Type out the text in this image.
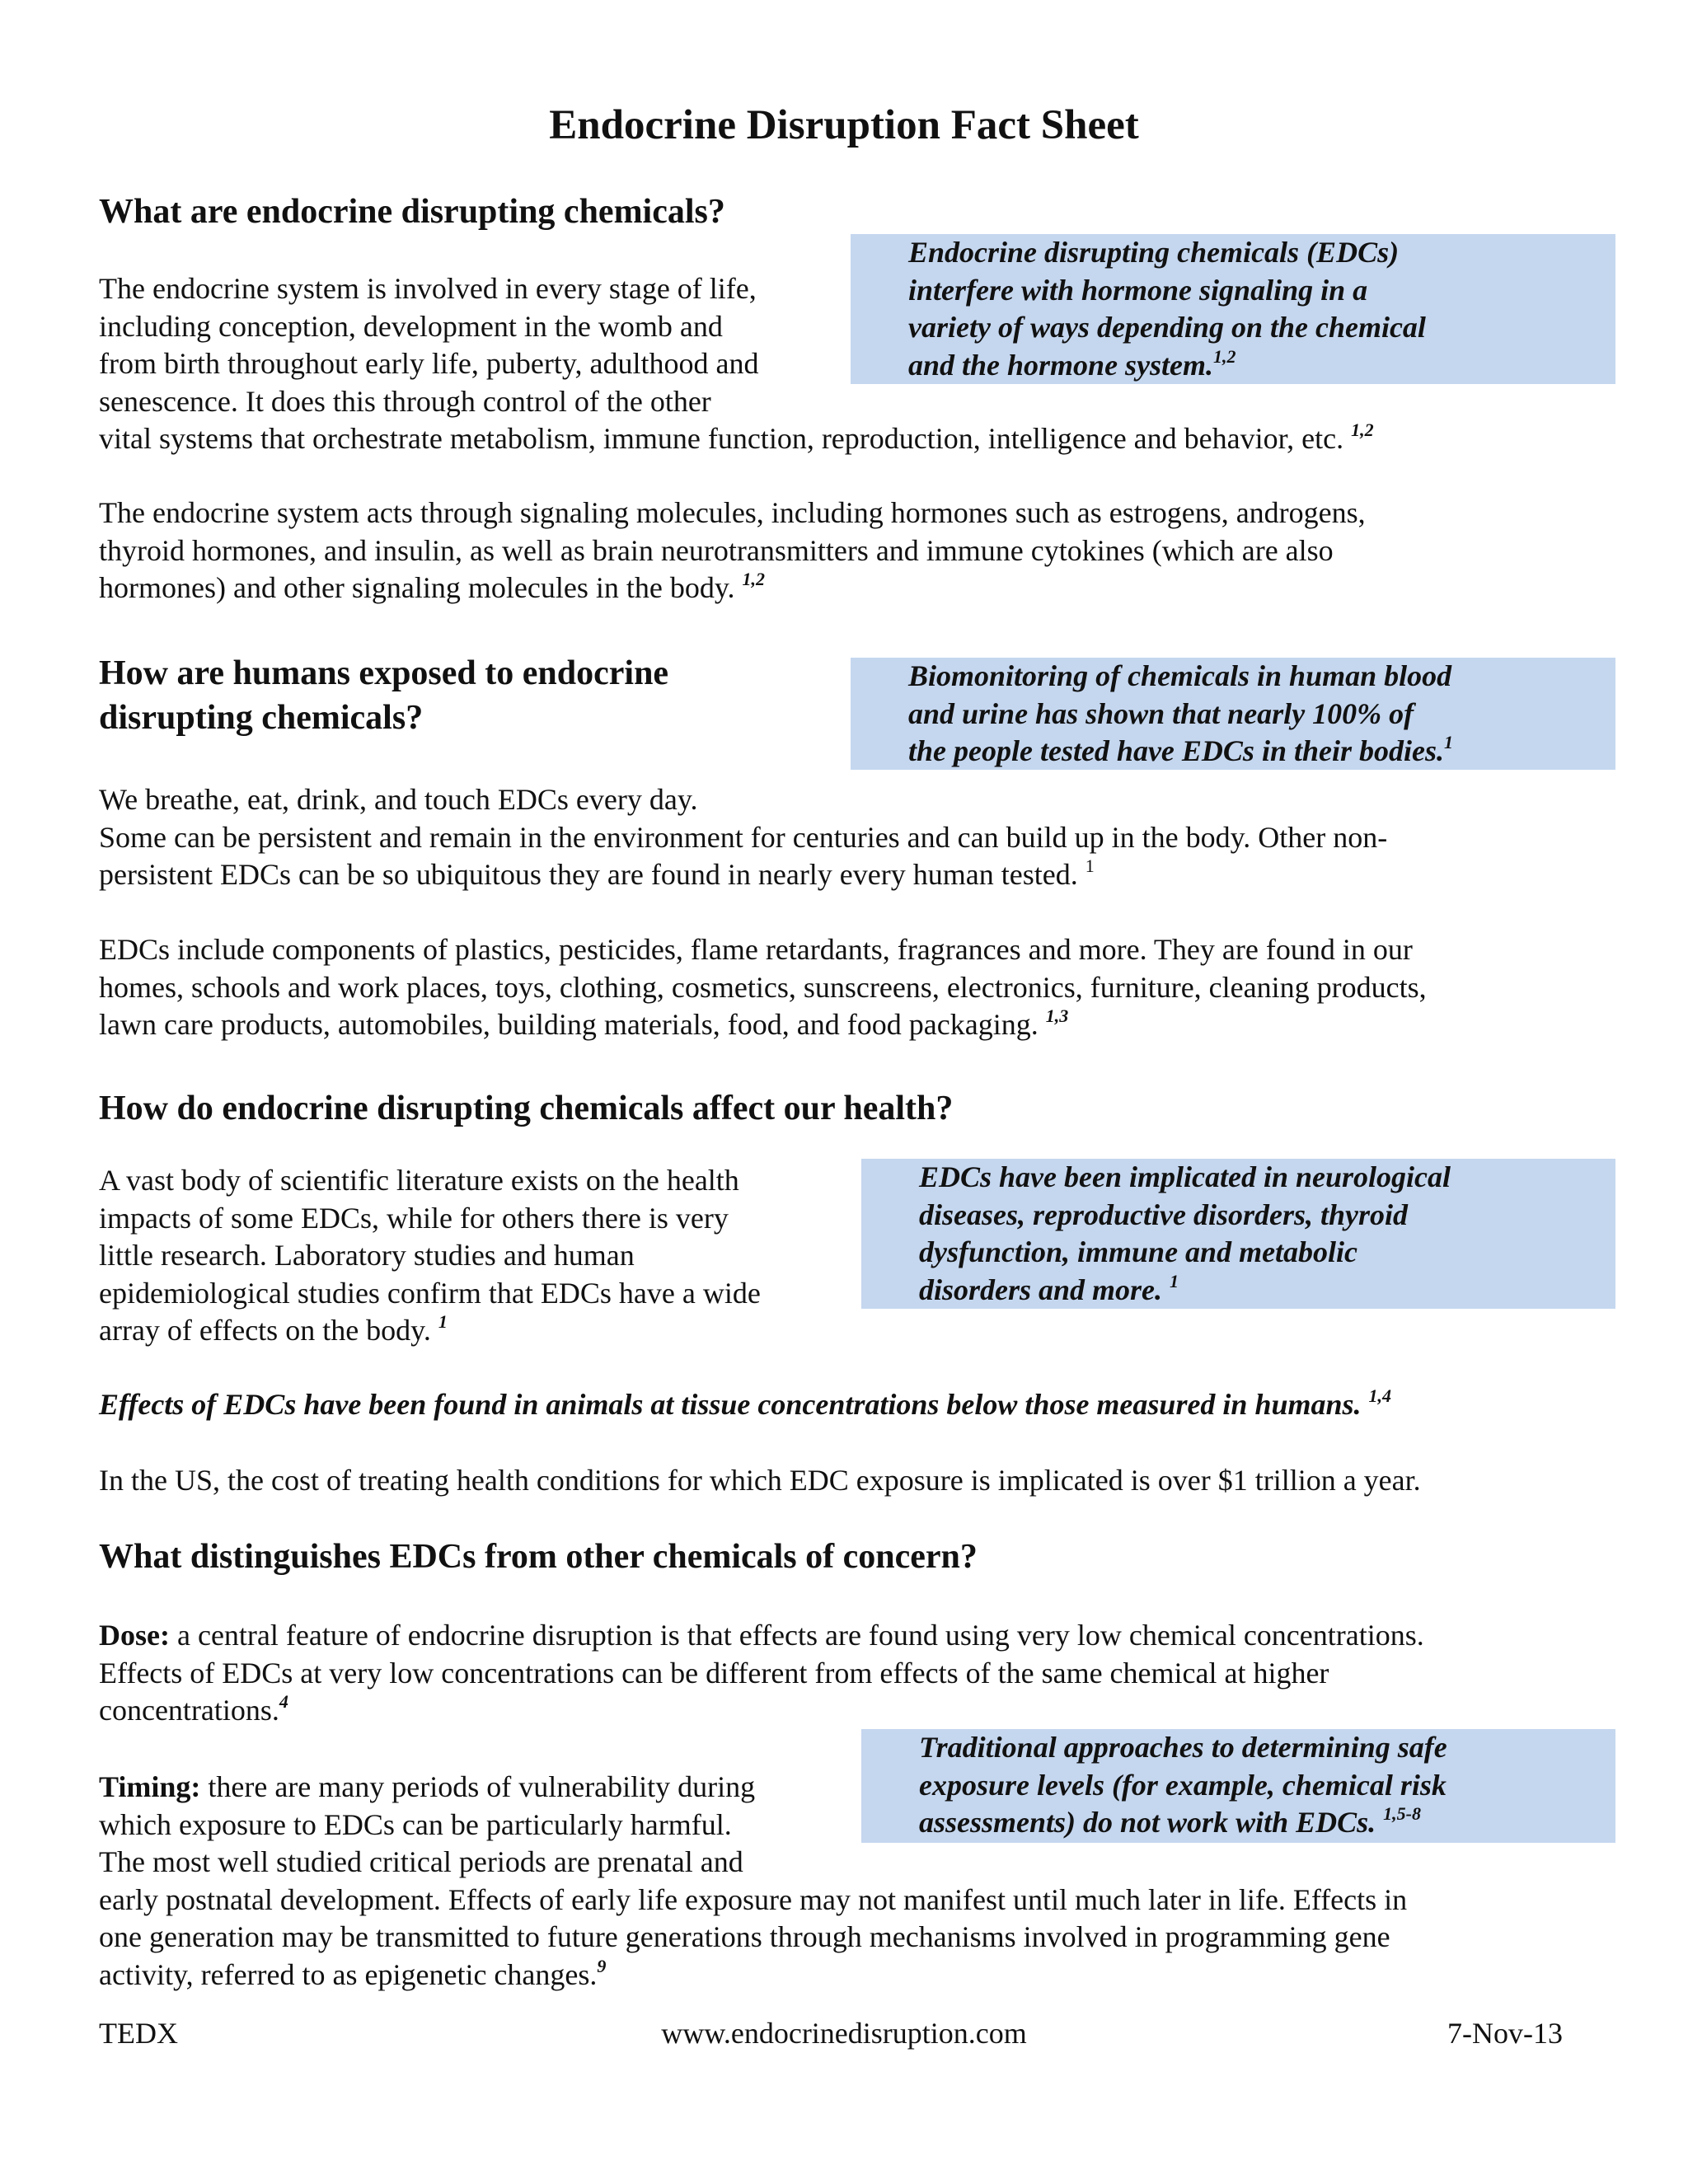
Endocrine Disruption Fact Sheet
What are endocrine disrupting chemicals?
Endocrine disrupting chemicals (EDCs)
interfere with hormone signaling in a
variety of ways depending on the chemical
and the hormone system.$^{1,2}$
The endocrine system is involved in every stage of life,
including conception, development in the womb and
from birth throughout early life, puberty, adulthood and
senescence. It does this through control of the other
vital systems that orchestrate metabolism, immune function, reproduction, intelligence and behavior, etc. $^{1,2}$
The endocrine system acts through signaling molecules, including hormones such as estrogens, androgens,
thyroid hormones, and insulin, as well as brain neurotransmitters and immune cytokines (which are also
hormones) and other signaling molecules in the body. $^{1,2}$
How are humans exposed to endocrine
disrupting chemicals?
Biomonitoring of chemicals in human blood
and urine has shown that nearly 100% of
the people tested have EDCs in their bodies.$^1$
We breathe, eat, drink, and touch EDCs every day.
Some can be persistent and remain in the environment for centuries and can build up in the body. Other non-
persistent EDCs can be so ubiquitous they are found in nearly every human tested. $^1$
EDCs include components of plastics, pesticides, flame retardants, fragrances and more. They are found in our
homes, schools and work places, toys, clothing, cosmetics, sunscreens, electronics, furniture, cleaning products,
lawn care products, automobiles, building materials, food, and food packaging. $^{1,3}$
How do endocrine disrupting chemicals affect our health?
EDCs have been implicated in neurological
diseases, reproductive disorders, thyroid
dysfunction, immune and metabolic
disorders and more. $^1$
A vast body of scientific literature exists on the health
impacts of some EDCs, while for others there is very
little research. Laboratory studies and human
epidemiological studies confirm that EDCs have a wide
array of effects on the body. $^1$
Effects of EDCs have been found in animals at tissue concentrations below those measured in humans. $^{1,4}$
In the US, the cost of treating health conditions for which EDC exposure is implicated is over $1 trillion a year.
What distinguishes EDCs from other chemicals of concern?
Dose: a central feature of endocrine disruption is that effects are found using very low chemical concentrations.
Effects of EDCs at very low concentrations can be different from effects of the same chemical at higher
concentrations.$^4$
Traditional approaches to determining safe
exposure levels (for example, chemical risk
assessments) do not work with EDCs. $^{1,5-8}$
Timing: there are many periods of vulnerability during
which exposure to EDCs can be particularly harmful.
The most well studied critical periods are prenatal and
early postnatal development. Effects of early life exposure may not manifest until much later in life. Effects in
one generation may be transmitted to future generations through mechanisms involved in programming gene
activity, referred to as epigenetic changes.$^9$
TEDX	www.endocrinedisruption.com	7-Nov-13
